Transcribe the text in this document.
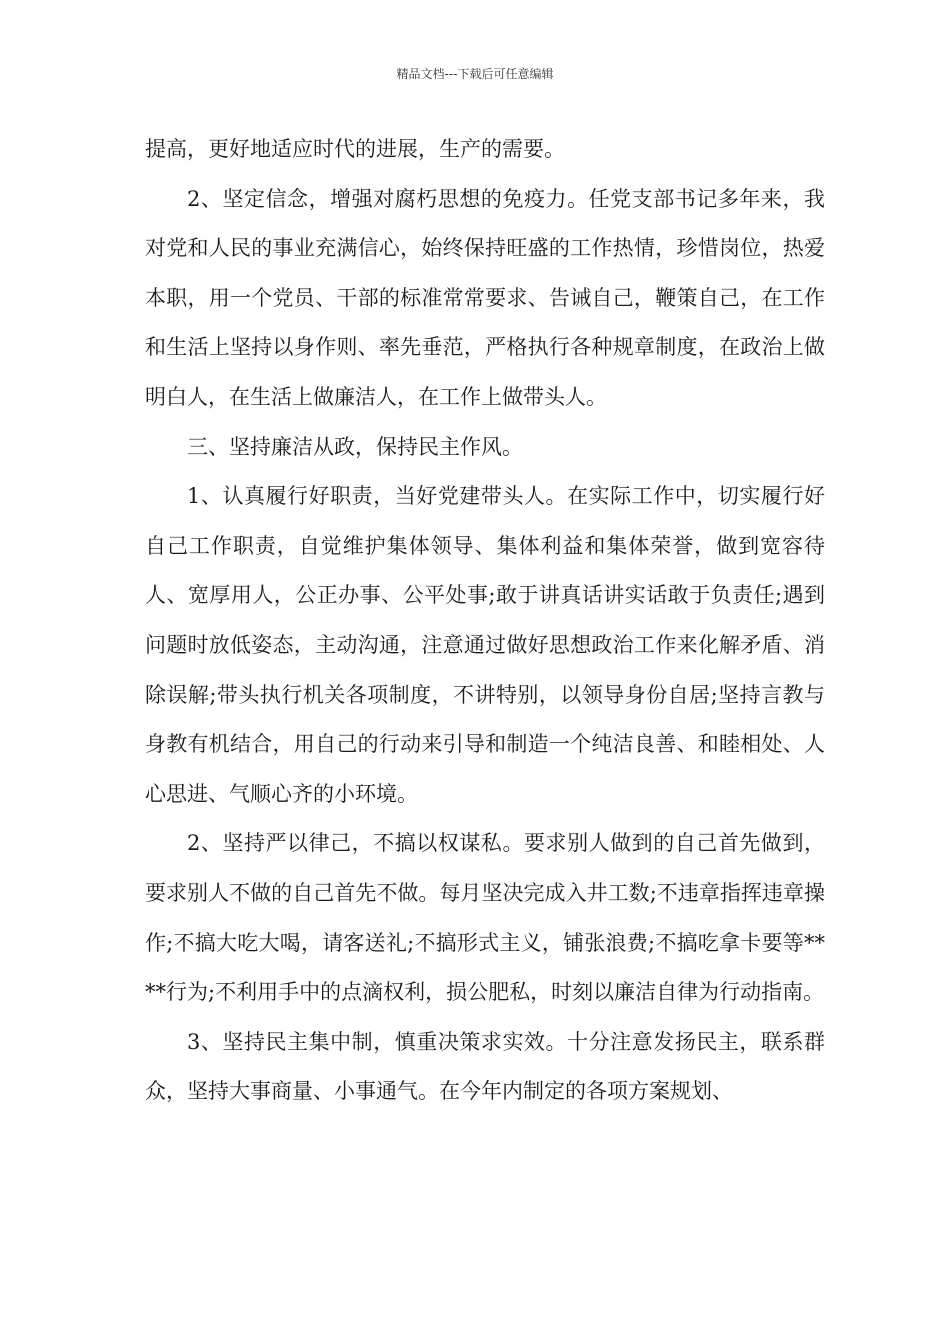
精品文档---下载后可任意编辑

提高，更好地适应时代的进展，生产的需要。

2、坚定信念，增强对腐朽思想的免疫力。任党支部书记多年来，我对党和人民的事业充满信心，始终保持旺盛的工作热情，珍惜岗位，热爱本职，用一个党员、干部的标准常常要求、告诫自己，鞭策自己，在工作和生活上坚持以身作则、率先垂范，严格执行各种规章制度，在政治上做明白人，在生活上做廉洁人，在工作上做带头人。

三、坚持廉洁从政，保持民主作风。

1、认真履行好职责，当好党建带头人。在实际工作中，切实履行好自己工作职责，自觉维护集体领导、集体利益和集体荣誉，做到宽容待人、宽厚用人，公正办事、公平处事;敢于讲真话讲实话敢于负责任;遇到问题时放低姿态，主动沟通，注意通过做好思想政治工作来化解矛盾、消除误解;带头执行机关各项制度，不讲特别，以领导身份自居;坚持言教与身教有机结合，用自己的行动来引导和制造一个纯洁良善、和睦相处、人心思进、气顺心齐的小环境。

2、坚持严以律己，不搞以权谋私。要求别人做到的自己首先做到，要求别人不做的自己首先不做。每月坚决完成入井工数;不违章指挥违章操作;不搞大吃大喝，请客送礼;不搞形式主义，铺张浪费;不搞吃拿卡要等****行为;不利用手中的点滴权利，损公肥私，时刻以廉洁自律为行动指南。

3、坚持民主集中制，慎重决策求实效。十分注意发扬民主，联系群众，坚持大事商量、小事通气。在今年内制定的各项方案规划、
